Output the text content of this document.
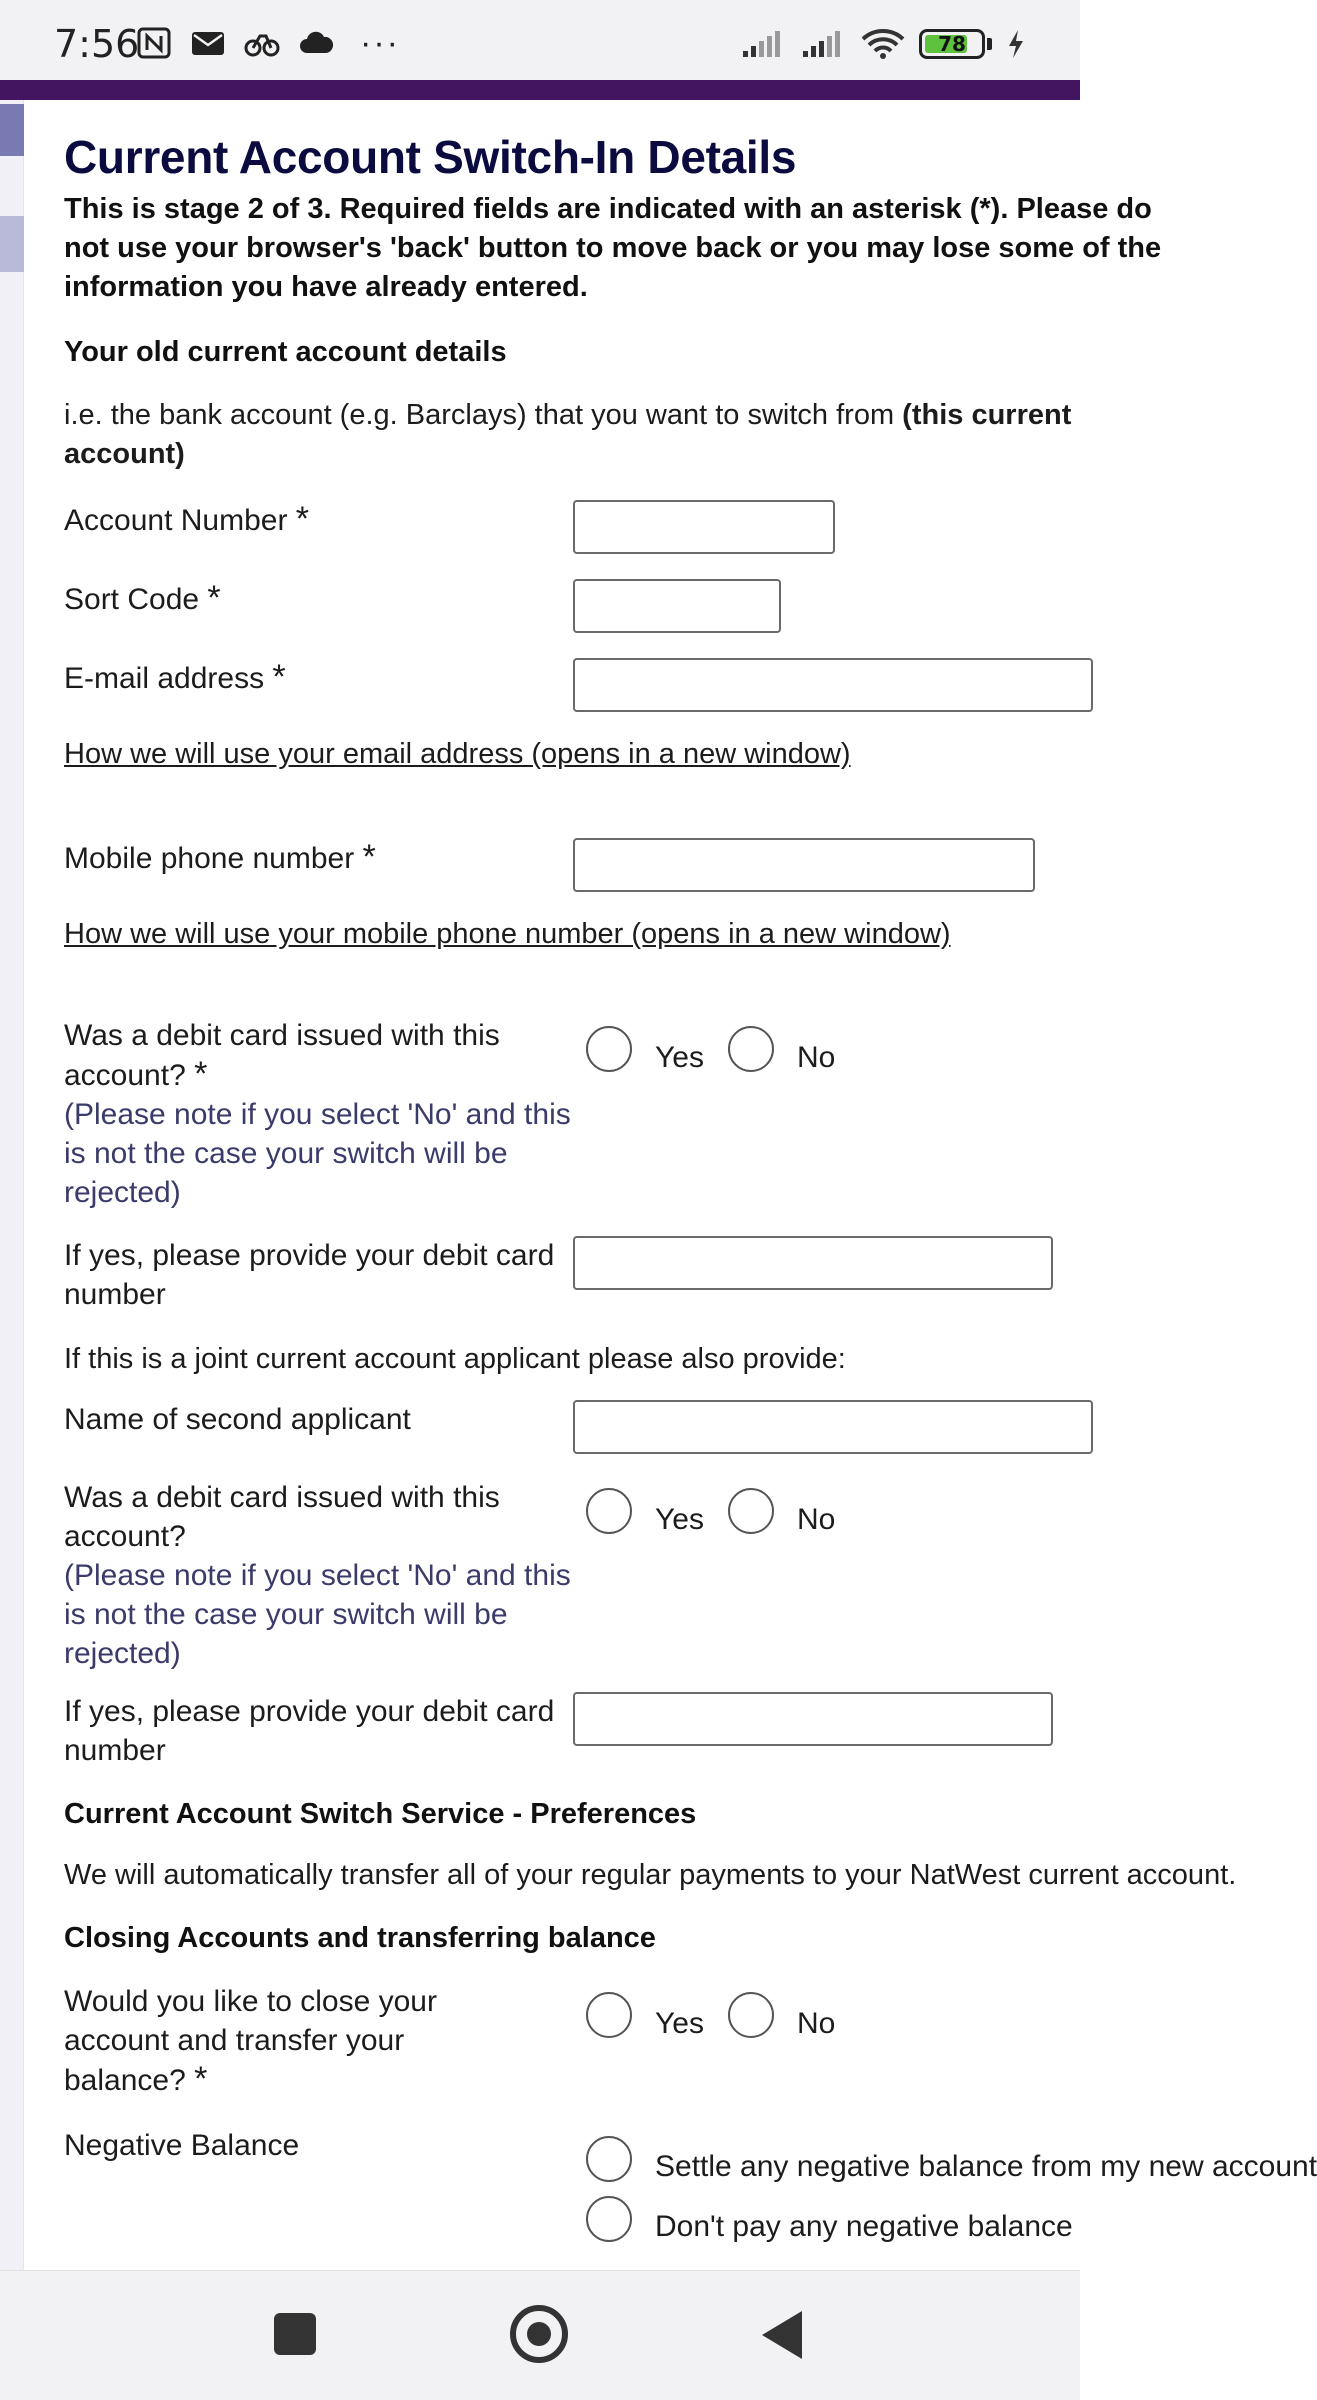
7:56	···	78
Current Account Switch-In Details

This is stage 2 of 3. Required fields are indicated with an asterisk (*). Please do not use your browser's 'back' button to move back or you may lose some of the information you have already entered.

Your old current account details
i.e. the bank account (e.g. Barclays) that you want to switch from (this current
account)
Account Number *
Sort Code *
E-mail address *
How we will use your email address (opens in a new window)
Mobile phone number *
How we will use your mobile phone number (opens in a new window)
Was a debit card issued with this
account? *
(Please note if you select 'No' and this is not the case your switch will be rejected)
Yes	No
If yes, please provide your debit card number
If this is a joint current account applicant please also provide:
Name of second applicant
Was a debit card issued with this account?
(Please note if you select 'No' and this is not the case your switch will be rejected)
Yes	No
If yes, please provide your debit card number
Current Account Switch Service - Preferences
We will automatically transfer all of your regular payments to your NatWest current account.
Closing Accounts and transferring balance
Would you like to close your account and transfer your balance? *
Yes	No
Negative Balance
Settle any negative balance from my new account
Don't pay any negative balance
